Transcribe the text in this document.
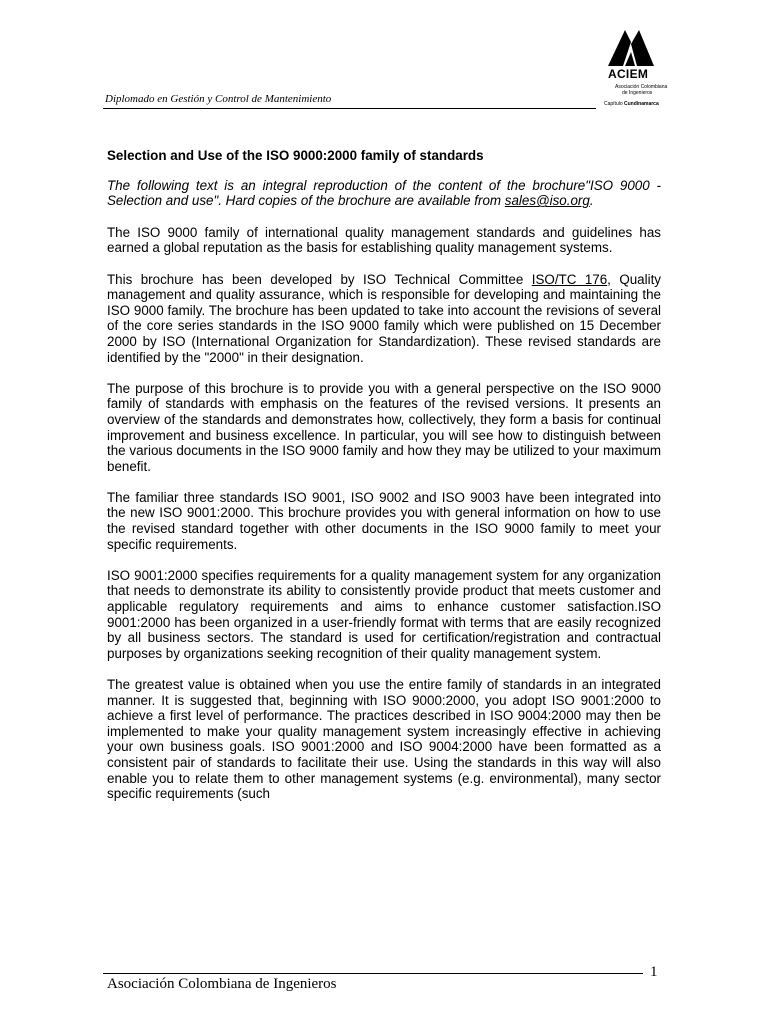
Diplomado en Gestión y Control de Mantenimiento
ACIEM
Asociación Colombiana
de Ingenieros
Capítulo Cundinamarca

Selection and Use of the ISO 9000:2000 family of standards

The following text is an integral reproduction of the content of the brochure"ISO 9000 - Selection and use". Hard copies of the brochure are available from sales@iso.org.

The ISO 9000 family of international quality management standards and guidelines has earned a global reputation as the basis for establishing quality management systems.

This brochure has been developed by ISO Technical Committee ISO/TC 176, Quality management and quality assurance, which is responsible for developing and maintaining the ISO 9000 family. The brochure has been updated to take into account the revisions of several of the core series standards in the ISO 9000 family which were published on 15 December 2000 by ISO (International Organization for Standardization). These revised standards are identified by the "2000" in their designation.

The purpose of this brochure is to provide you with a general perspective on the ISO 9000 family of standards with emphasis on the features of the revised versions. It presents an overview of the standards and demonstrates how, collectively, they form a basis for continual improvement and business excellence. In particular, you will see how to distinguish between the various documents in the ISO 9000 family and how they may be utilized to your maximum benefit.

The familiar three standards ISO 9001, ISO 9002 and ISO 9003 have been integrated into the new ISO 9001:2000. This brochure provides you with general information on how to use the revised standard together with other documents in the ISO 9000 family to meet your specific requirements.

ISO 9001:2000 specifies requirements for a quality management system for any organization that needs to demonstrate its ability to consistently provide product that meets customer and applicable regulatory requirements and aims to enhance customer satisfaction.ISO 9001:2000 has been organized in a user-friendly format with terms that are easily recognized by all business sectors. The standard is used for certification/registration and contractual purposes by organizations seeking recognition of their quality management system.

The greatest value is obtained when you use the entire family of standards in an integrated manner. It is suggested that, beginning with ISO 9000:2000, you adopt ISO 9001:2000 to achieve a first level of performance. The practices described in ISO 9004:2000 may then be implemented to make your quality management system increasingly effective in achieving your own business goals. ISO 9001:2000 and ISO 9004:2000 have been formatted as a consistent pair of standards to facilitate their use. Using the standards in this way will also enable you to relate them to other management systems (e.g. environmental), many sector specific requirements (such

Asociación Colombiana de Ingenieros
1
